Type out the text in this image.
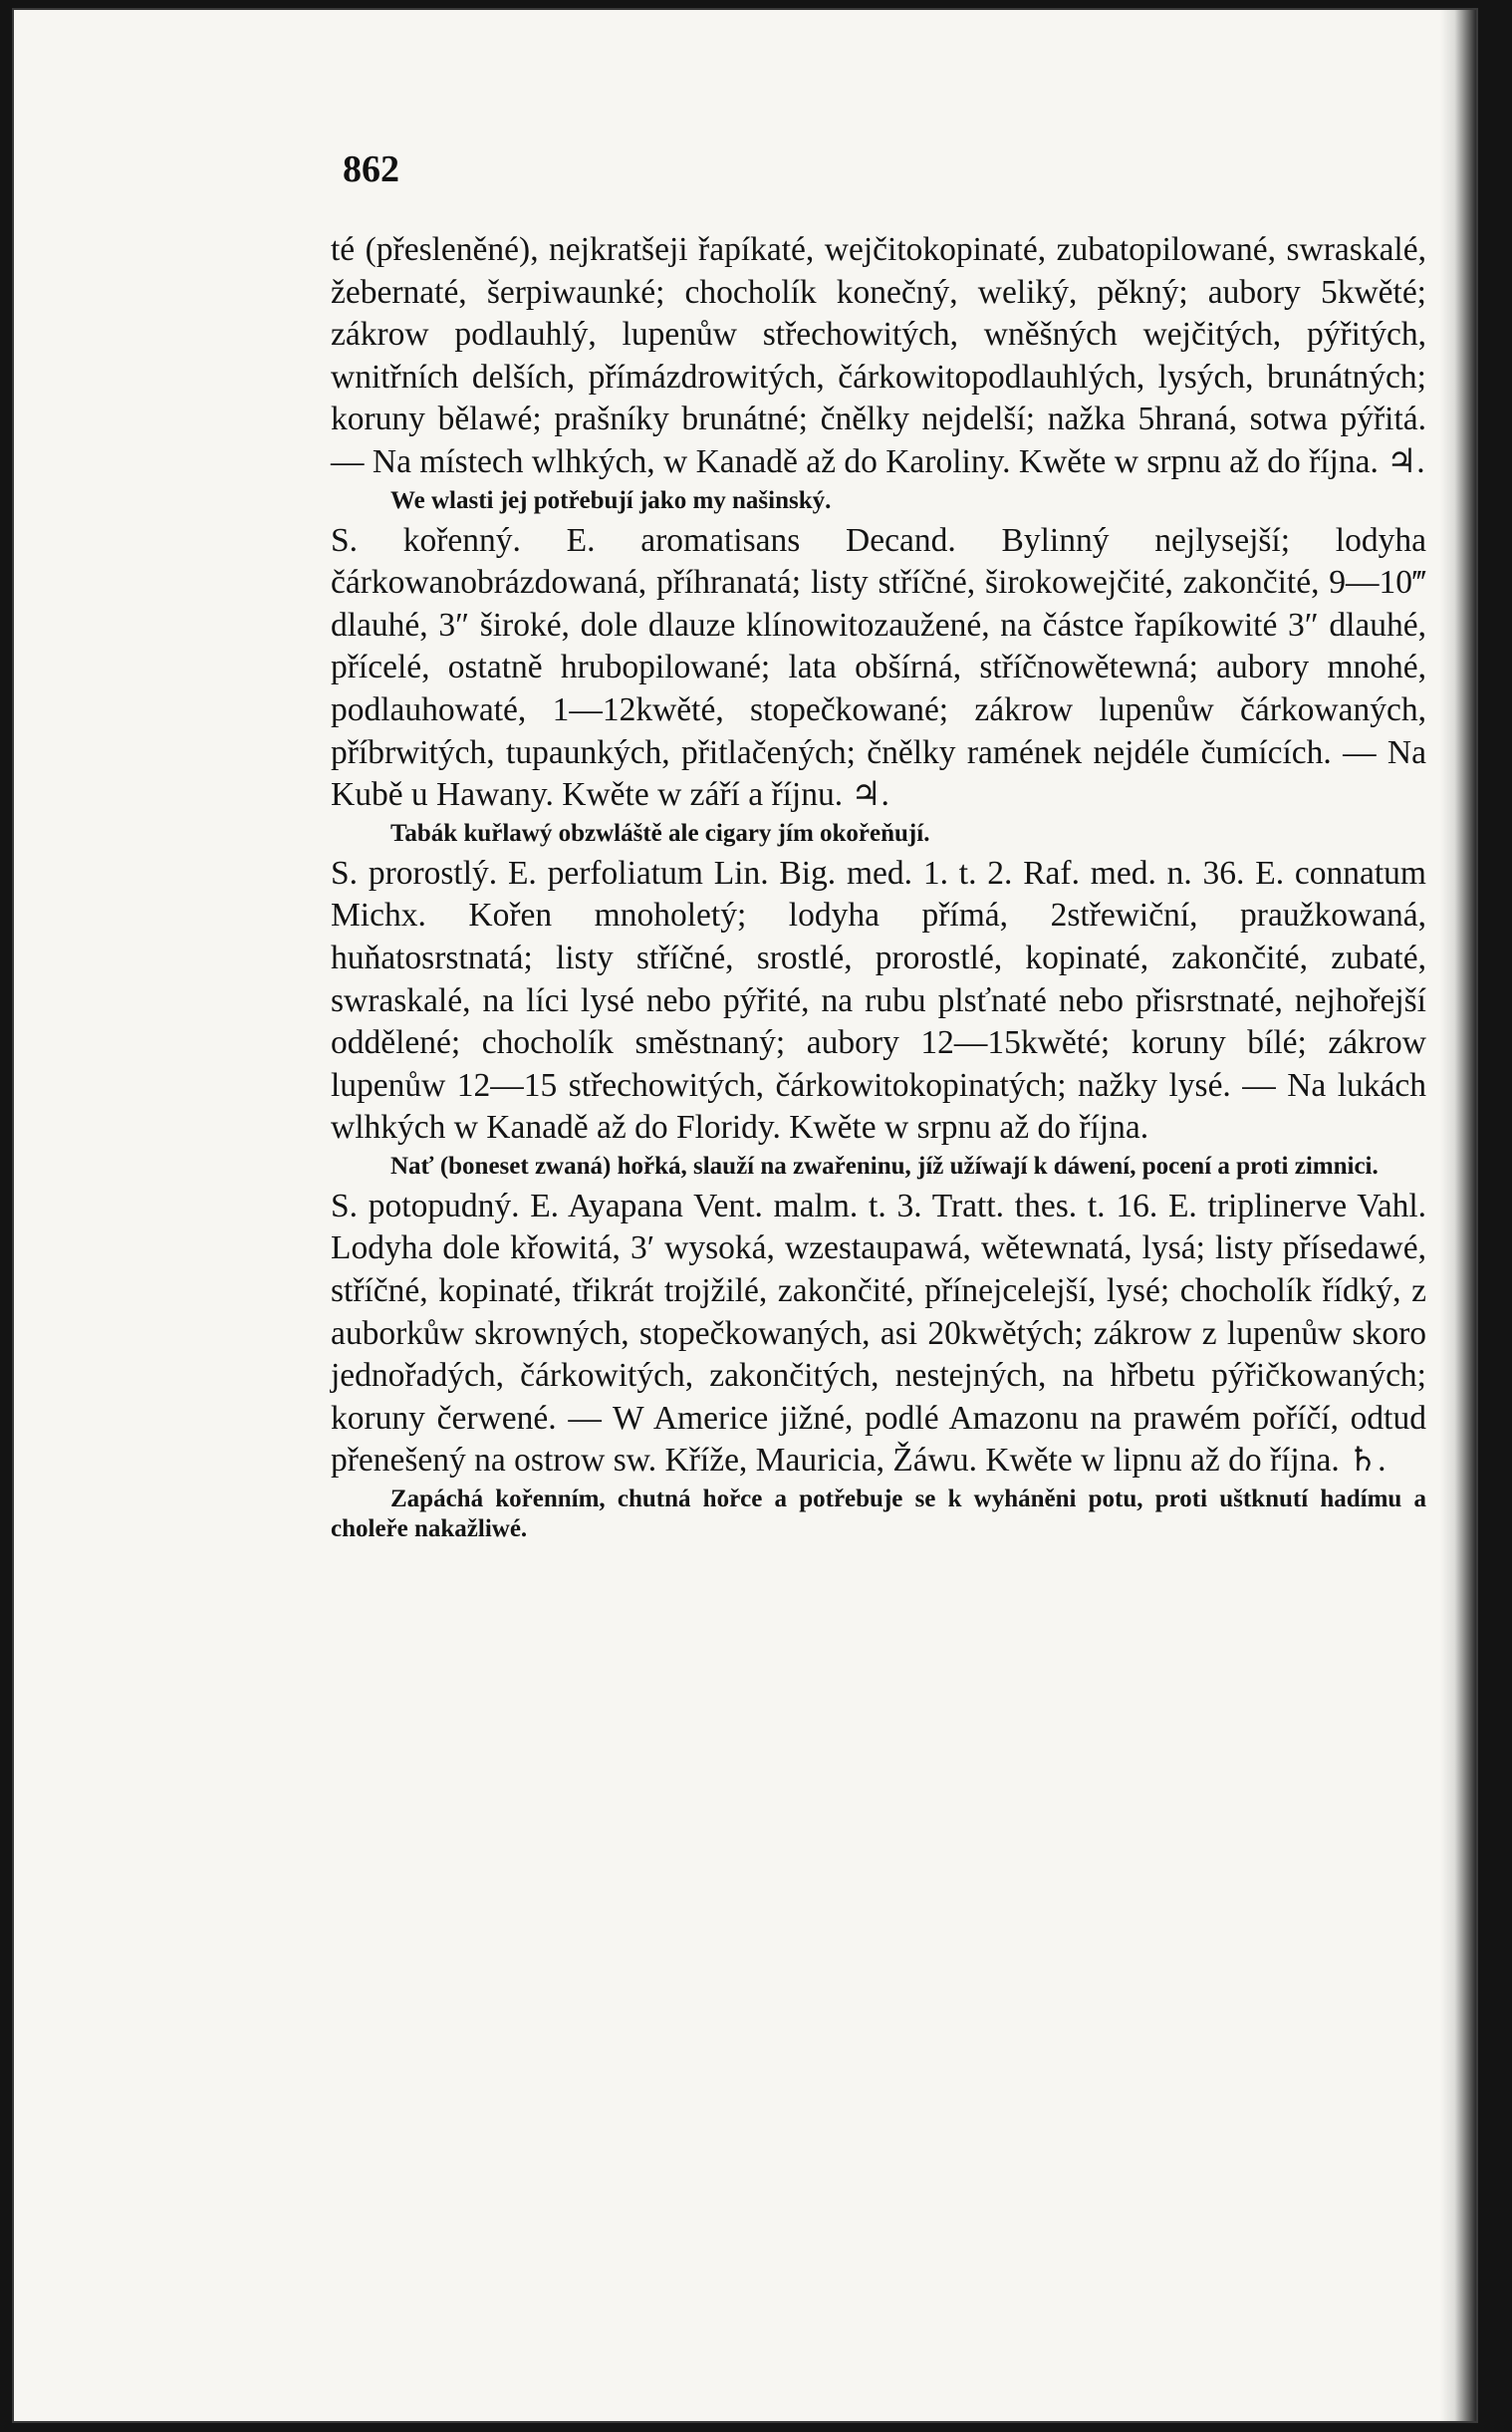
862

té (přesleněné), nejkratšeji řapíkaté, wejčitokopinaté, zubatopilowané, swraskalé, žebernaté, šerpiwaunké; chocholík konečný, weliký, pěkný; aubory 5kwěté; zákrow podlauhlý, lupenůw střechowitých, wněšných wejčitých, pýřitých, wnitřních delších, přímázdrowitých, čárkowitopodlauhlých, lysých, brunátných; koruny bělawé; prašníky brunátné; čnělky nejdelší; nažka 5hraná, sotwa pýřitá. — Na místech wlhkých, w Kanadě až do Karoliny. Kwěte w srpnu až do října. ♃.

We wlasti jej potřebují jako my našinský.

S. kořenný. E. aromatisans Decand. Bylinný nejlysejší; lodyha čárkowanobrázdowaná, příhranatá; listy stříčné, širokowejčité, zakončité, 9—10‴ dlauhé, 3″ široké, dole dlauze klínowitozaužené, na částce řapíkowité 3″ dlauhé, přícelé, ostatně hrubopilowané; lata obšírná, stříčnowětewná; aubory mnohé, podlauhowaté, 1—12kwěté, stopečkowané; zákrow lupenůw čárkowaných, příbrwitých, tupaunkých, přitlačených; čnělky ramének nejdéle čumících. — Na Kubě u Hawany. Kwěte w září a říjnu. ♃.

Tabák kuřlawý obzwláště ale cigary jím okořeňují.

S. prorostlý. E. perfoliatum Lin. Big. med. 1. t. 2. Raf. med. n. 36. E. connatum Michx. Kořen mnoholetý; lodyha přímá, 2střewiční, praužkowaná, huňatosrstnatá; listy stříčné, srostlé, prorostlé, kopinaté, zakončité, zubaté, swraskalé, na líci lysé nebo pýřité, na rubu plsťnaté nebo přisrstnaté, nejhořejší oddělené; chocholík směstnaný; aubory 12—15kwěté; koruny bílé; zákrow lupenůw 12—15 střechowitých, čárkowitokopinatých; nažky lysé. — Na lukách wlhkých w Kanadě až do Floridy. Kwěte w srpnu až do října.

Nať (boneset zwaná) hořká, slauží na zwařeninu, jíž užíwají k dáwení, pocení a proti zimnici.

S. potopudný. E. Ayapana Vent. malm. t. 3. Tratt. thes. t. 16. E. triplinerve Vahl. Lodyha dole křowitá, 3′ wysoká, wzestaupawá, wětewnatá, lysá; listy přísedawé, stříčné, kopinaté, třikrát trojžilé, zakončité, přínejcelejší, lysé; chocholík řídký, z auborkůw skrowných, stopečkowaných, asi 20kwětých; zákrow z lupenůw skoro jednořadých, čárkowitých, zakončitých, nestejných, na hřbetu pýřičkowaných; koruny čerwené. — W Americe jižné, podlé Amazonu na prawém poříčí, odtud přenešený na ostrow sw. Kříže, Mauricia, Žáwu. Kwěte w lipnu až do října. ♄.

Zapáchá kořenním, chutná hořce a potřebuje se k wyháněni potu, proti uštknutí hadímu a choleře nakažliwé.
